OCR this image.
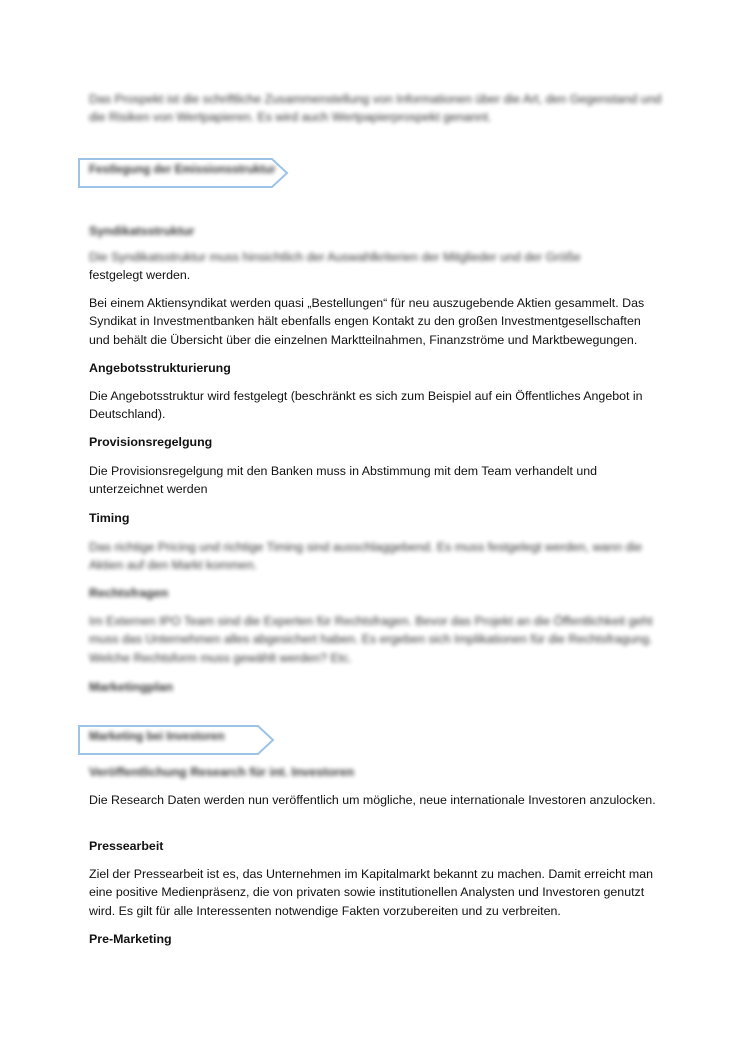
Das Prospekt ist die schriftliche Zusammenstellung von Informationen über die Art, den Gegenstand und die Risiken von Wertpapieren. Es wird auch Wertpapierprospekt genannt.

Festlegung der Emissionsstruktur

Syndikatsstruktur

Die Syndikatsstruktur muss hinsichtlich der Auswahlkriterien der Mitglieder und der Größe

festgelegt werden.

Bei einem Aktiensyndikat werden quasi „Bestellungen“ für neu auszugebende Aktien gesammelt. Das Syndikat in Investmentbanken hält ebenfalls engen Kontakt zu den großen Investmentgesellschaften und behält die Übersicht über die einzelnen Marktteilnahmen, Finanzströme und Marktbewegungen.

Angebotsstrukturierung

Die Angebotsstruktur wird festgelegt (beschränkt es sich zum Beispiel auf ein Öffentliches Angebot in Deutschland).

Provisionsregelgung

Die Provisionsregelgung mit den Banken muss in Abstimmung mit dem Team verhandelt und unterzeichnet werden

Timing

Das richtige Pricing und richtige Timing sind ausschlaggebend. Es muss festgelegt werden, wann die Aktien auf den Markt kommen.

Rechtsfragen

Im Externen IPO Team sind die Experten für Rechtsfragen. Bevor das Projekt an die Öffentlichkeit geht muss das Unternehmen alles abgesichert haben. Es ergeben sich Implikationen für die Rechtsfragung. Welche Rechtsform muss gewählt werden? Etc.

Marketingplan

Marketing bei Investoren

Veröffentlichung Research für int. Investoren

Die Research Daten werden nun veröffentlich um mögliche, neue internationale Investoren anzulocken.

Pressearbeit

Ziel der Pressearbeit ist es, das Unternehmen im Kapitalmarkt bekannt zu machen. Damit erreicht man eine positive Medienpräsenz, die von privaten sowie institutionellen Analysten und Investoren genutzt wird. Es gilt für alle Interessenten notwendige Fakten vorzubereiten und zu verbreiten.

Pre-Marketing
